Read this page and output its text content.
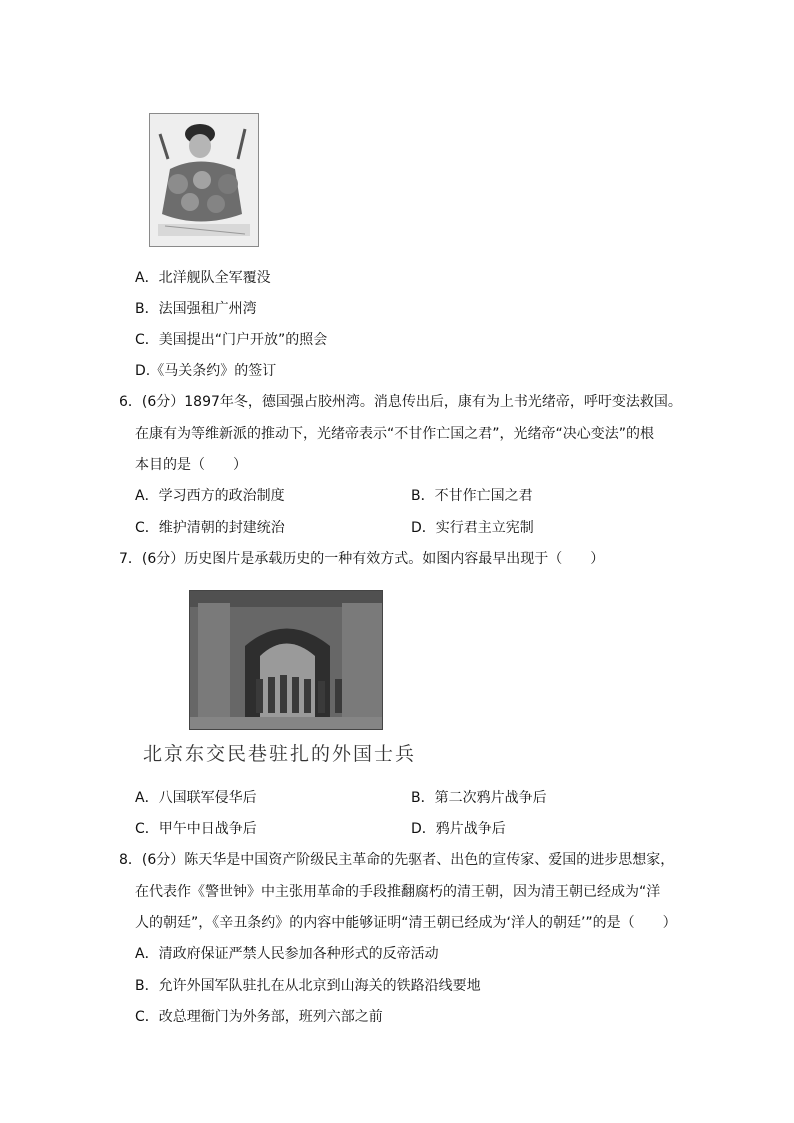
A．北洋舰队全军覆没
B．法国强租广州湾
C．美国提出“门户开放”的照会
D.《马关条约》的签订
6．(6分）1897年冬，德国强占胶州湾。消息传出后，康有为上书光绪帝，呼吁变法救国。
在康有为等维新派的推动下，光绪帝表示“不甘作亡国之君”，光绪帝“决心变法”的根
本目的是（　　）
A．学习西方的政治制度	B．不甘作亡国之君
C．维护清朝的封建统治	D．实行君主立宪制
7．(6分）历史图片是承载历史的一种有效方式。如图内容最早出现于（　　）
北京东交民巷驻扎的外国士兵
A．八国联军侵华后	B．第二次鸦片战争后
C．甲午中日战争后	D．鸦片战争后
8．(6分）陈天华是中国资产阶级民主革命的先驱者、出色的宣传家、爱国的进步思想家，
在代表作《警世钟》中主张用革命的手段推翻腐朽的清王朝，因为清王朝已经成为“洋
人的朝廷”，《辛丑条约》的内容中能够证明“清王朝已经成为‘洋人的朝廷’”的是（　　）
A．清政府保证严禁人民参加各种形式的反帝活动
B．允许外国军队驻扎在从北京到山海关的铁路沿线要地
C．改总理衙门为外务部，班列六部之前
